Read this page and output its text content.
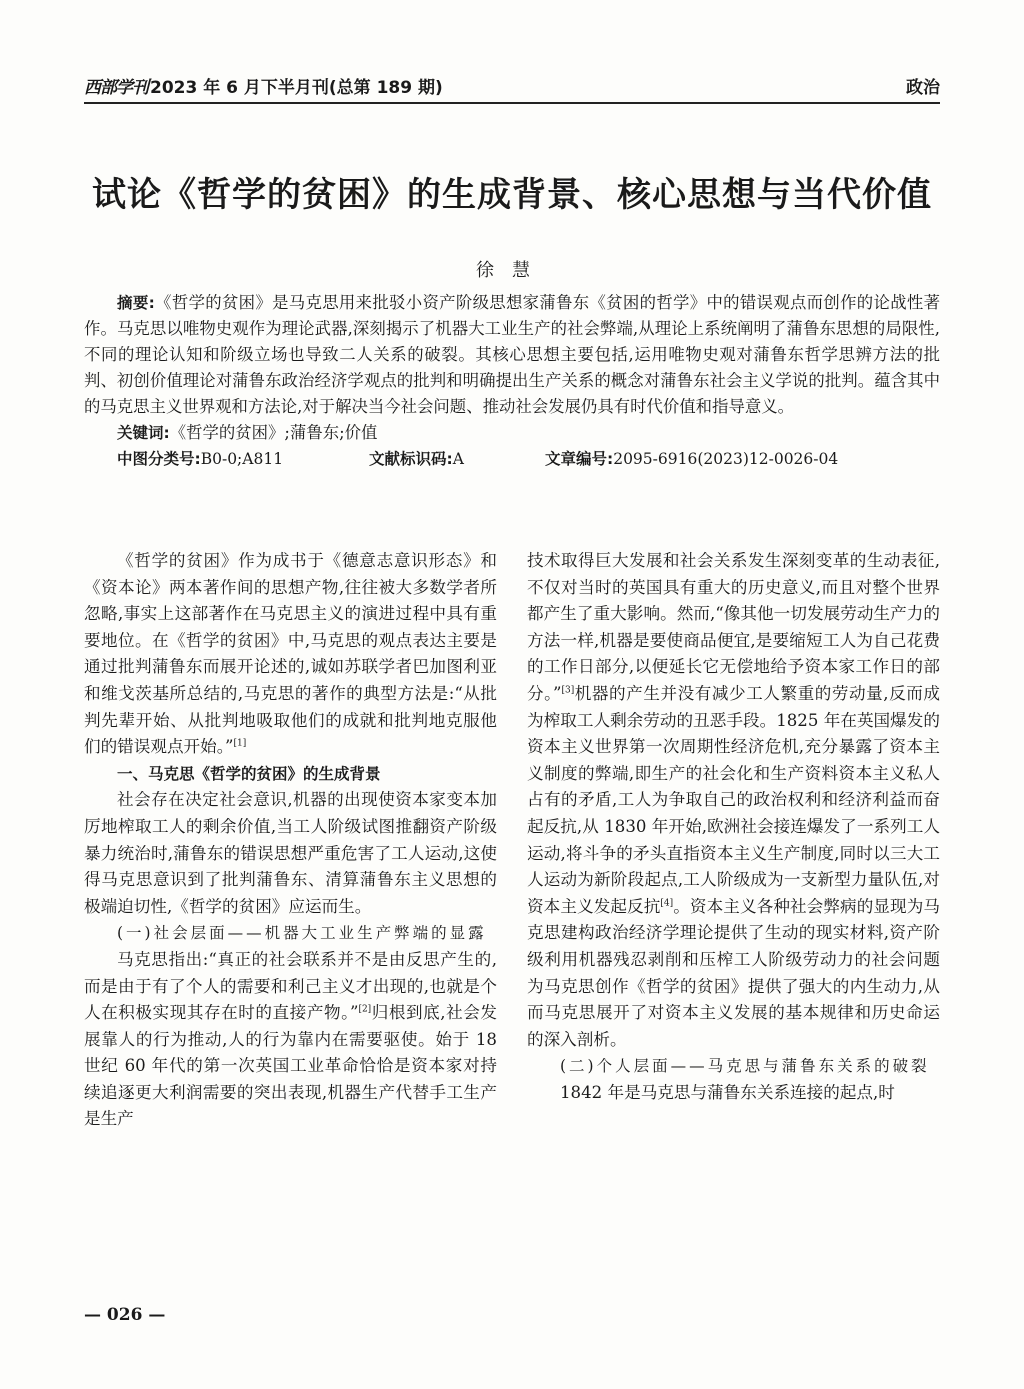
西部学刊 2023 年 6 月下半月刊(总第 189 期)	政治
试论《哲学的贫困》的生成背景、核心思想与当代价值
徐慧

摘要:《哲学的贫困》是马克思用来批驳小资产阶级思想家蒲鲁东《贫困的哲学》中的错误观点而创作的论战性著作。马克思以唯物史观作为理论武器,深刻揭示了机器大工业生产的社会弊端,从理论上系统阐明了蒲鲁东思想的局限性,不同的理论认知和阶级立场也导致二人关系的破裂。其核心思想主要包括,运用唯物史观对蒲鲁东哲学思辨方法的批判、初创价值理论对蒲鲁东政治经济学观点的批判和明确提出生产关系的概念对蒲鲁东社会主义学说的批判。蕴含其中的马克思主义世界观和方法论,对于解决当今社会问题、推动社会发展仍具有时代价值和指导意义。

关键词:《哲学的贫困》;蒲鲁东;价值

中图分类号:B0-0;A811	文献标识码:A	文章编号:2095-6916(2023)12-0026-04

《哲学的贫困》作为成书于《德意志意识形态》和《资本论》两本著作间的思想产物,往往被大多数学者所忽略,事实上这部著作在马克思主义的演进过程中具有重要地位。在《哲学的贫困》中,马克思的观点表达主要是通过批判蒲鲁东而展开论述的,诚如苏联学者巴加图利亚和维戈茨基所总结的,马克思的著作的典型方法是:“从批判先辈开始、从批判地吸取他们的成就和批判地克服他们的错误观点开始。”[1]

一、马克思《哲学的贫困》的生成背景

社会存在决定社会意识,机器的出现使资本家变本加厉地榨取工人的剩余价值,当工人阶级试图推翻资产阶级暴力统治时,蒲鲁东的错误思想严重危害了工人运动,这使得马克思意识到了批判蒲鲁东、清算蒲鲁东主义思想的极端迫切性,《哲学的贫困》应运而生。

(一)社会层面——机器大工业生产弊端的显露

马克思指出:“真正的社会联系并不是由反思产生的,而是由于有了个人的需要和利己主义才出现的,也就是个人在积极实现其存在时的直接产物。”[2]归根到底,社会发展靠人的行为推动,人的行为靠内在需要驱使。始于 18 世纪 60 年代的第一次英国工业革命恰恰是资本家对持续追逐更大利润需要的突出表现,机器生产代替手工生产是生产

技术取得巨大发展和社会关系发生深刻变革的生动表征,不仅对当时的英国具有重大的历史意义,而且对整个世界都产生了重大影响。然而,“像其他一切发展劳动生产力的方法一样,机器是要使商品便宜,是要缩短工人为自己花费的工作日部分,以便延长它无偿地给予资本家工作日的部分。”[3]机器的产生并没有减少工人繁重的劳动量,反而成为榨取工人剩余劳动的丑恶手段。1825 年在英国爆发的资本主义世界第一次周期性经济危机,充分暴露了资本主义制度的弊端,即生产的社会化和生产资料资本主义私人占有的矛盾,工人为争取自己的政治权利和经济利益而奋起反抗,从 1830 年开始,欧洲社会接连爆发了一系列工人运动,将斗争的矛头直指资本主义生产制度,同时以三大工人运动为新阶段起点,工人阶级成为一支新型力量队伍,对资本主义发起反抗[4]。资本主义各种社会弊病的显现为马克思建构政治经济学理论提供了生动的现实材料,资产阶级利用机器残忍剥削和压榨工人阶级劳动力的社会问题为马克思创作《哲学的贫困》提供了强大的内生动力,从而马克思展开了对资本主义发展的基本规律和历史命运的深入剖析。

(二)个人层面——马克思与蒲鲁东关系的破裂

1842 年是马克思与蒲鲁东关系连接的起点,时

— 026 —
